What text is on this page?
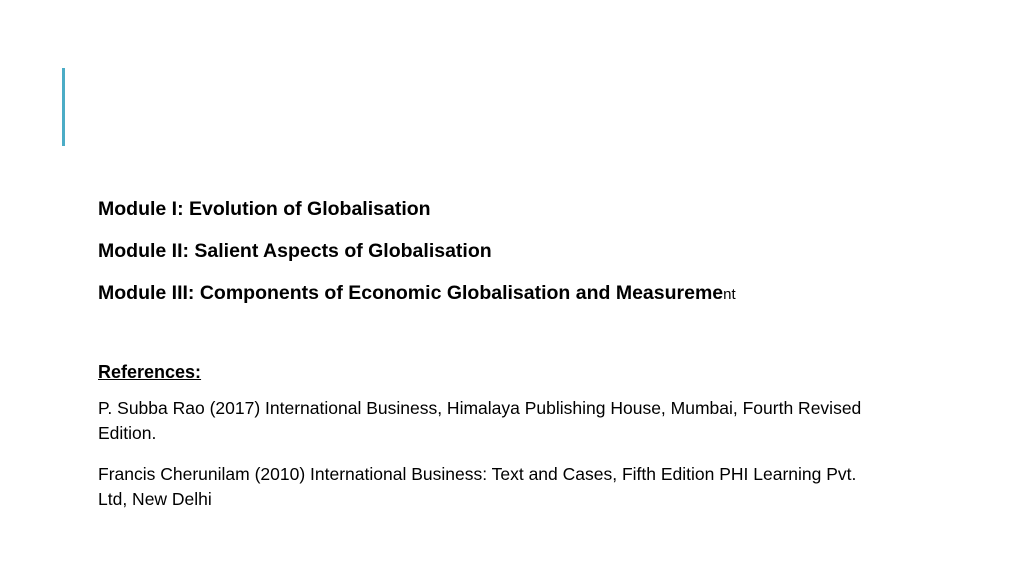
Module I: Evolution of Globalisation
Module II: Salient Aspects of Globalisation
Module III: Components of Economic Globalisation and Measurement
References:
P. Subba Rao (2017) International Business, Himalaya Publishing House, Mumbai, Fourth Revised Edition.
Francis Cherunilam (2010) International Business: Text and Cases, Fifth Edition PHI Learning Pvt. Ltd, New Delhi
